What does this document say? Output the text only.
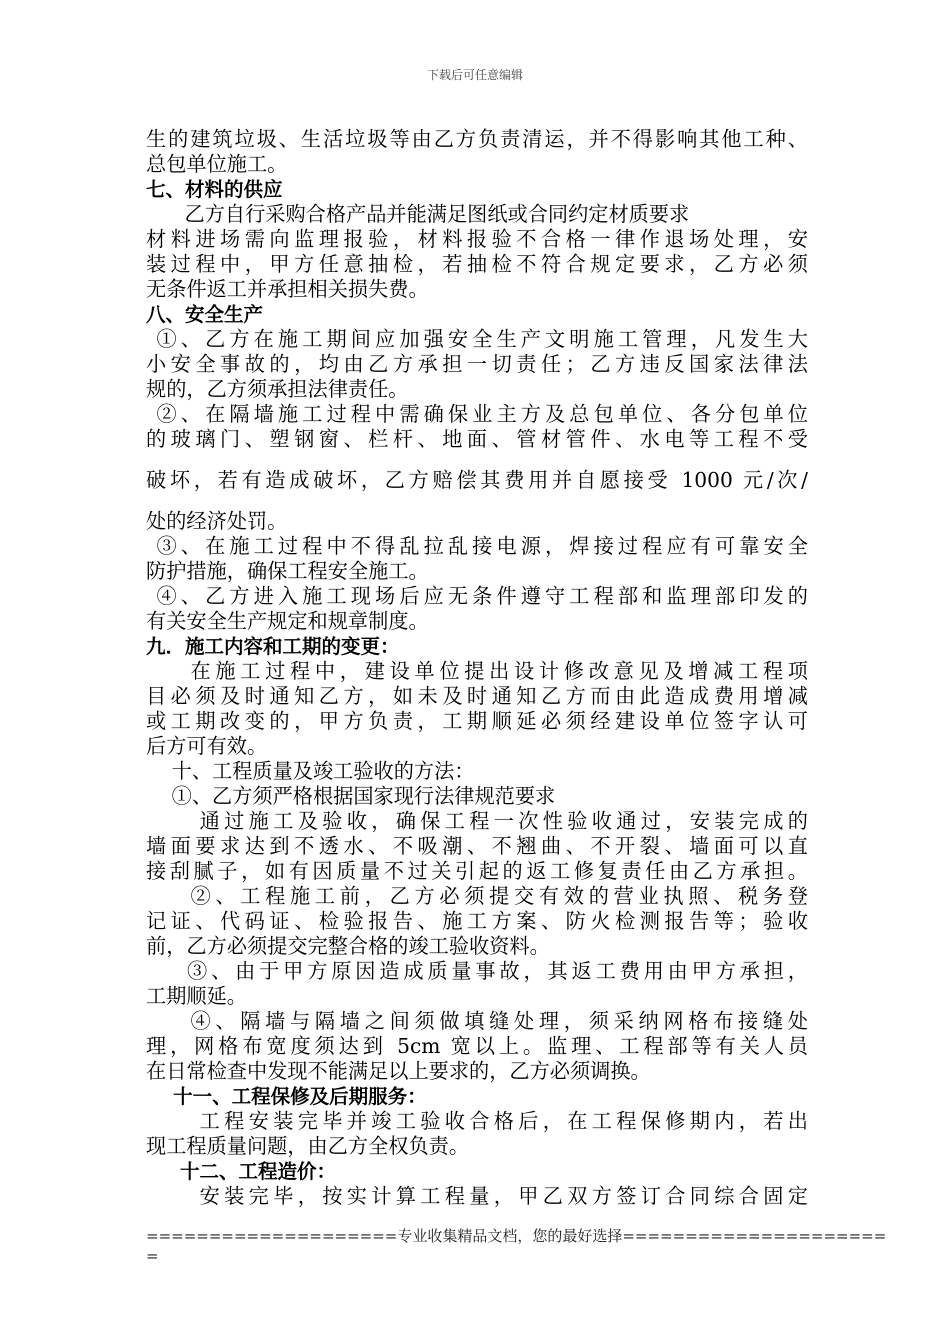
下载后可任意编辑
生的建筑垃圾、生活垃圾等由乙方负责清运，并不得影响其他工种、
总包单位施工。
七、材料的供应
乙方自行采购合格产品并能满足图纸或合同约定材质要求
材料进场需向监理报验，材料报验不合格一律作退场处理，安
装过程中，甲方任意抽检，若抽检不符合规定要求，乙方必须
无条件返工并承担相关损失费。
八、安全生产
①、乙方在施工期间应加强安全生产文明施工管理，凡发生大
小安全事故的，均由乙方承担一切责任；乙方违反国家法律法
规的，乙方须承担法律责任。
②、在隔墙施工过程中需确保业主方及总包单位、各分包单位
的玻璃门、塑钢窗、栏杆、地面、管材管件、水电等工程不受
破坏，若有造成破坏，乙方赔偿其费用并自愿接受 1000 元/次/
处的经济处罚。
③、在施工过程中不得乱拉乱接电源，焊接过程应有可靠安全
防护措施，确保工程安全施工。
④、乙方进入施工现场后应无条件遵守工程部和监理部印发的
有关安全生产规定和规章制度。
九．施工内容和工期的变更：
在施工过程中，建设单位提出设计修改意见及增减工程项
目必须及时通知乙方，如未及时通知乙方而由此造成费用增减
或工期改变的，甲方负责，工期顺延必须经建设单位签字认可
后方可有效。
十、工程质量及竣工验收的方法：
①、乙方须严格根据国家现行法律规范要求
通过施工及验收，确保工程一次性验收通过，安装完成的
墙面要求达到不透水、不吸潮、不翘曲、不开裂、墙面可以直
接刮腻子，如有因质量不过关引起的返工修复责任由乙方承担。
②、工程施工前，乙方必须提交有效的营业执照、税务登
记证、代码证、检验报告、施工方案、防火检测报告等；验收
前，乙方必须提交完整合格的竣工验收资料。
③、由于甲方原因造成质量事故，其返工费用由甲方承担，
工期顺延。
④、隔墙与隔墙之间须做填缝处理，须采纳网格布接缝处
理，网格布宽度须达到 5cm 宽以上。监理、工程部等有关人员
在日常检查中发现不能满足以上要求的，乙方必须调换。
十一、工程保修及后期服务：
工程安装完毕并竣工验收合格后，在工程保修期内，若出
现工程质量问题，由乙方全权负责。
十二、工程造价：
安装完毕，按实计算工程量，甲乙双方签订合同综合固定
====================专业收集精品文档，您的最好选择=====================
=
